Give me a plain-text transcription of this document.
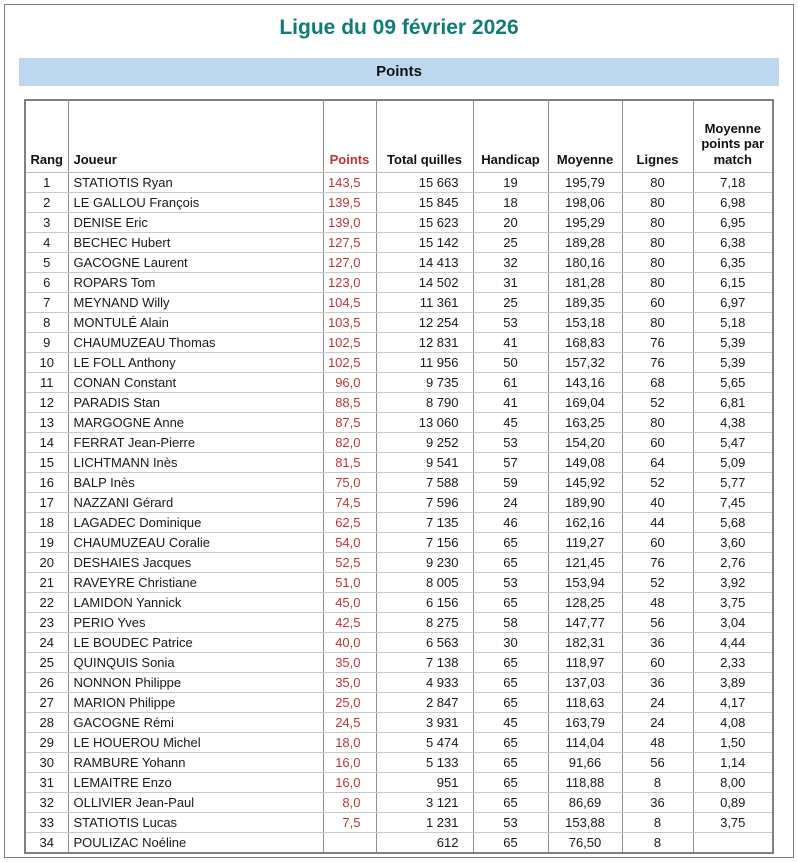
Ligue du 09 février 2026
Points
Rang	Joueur	Points	Total quilles	Handicap	Moyenne	Lignes	Moyenne points par match
1	STATIOTIS Ryan	143,5	15 663	19	195,79	80	7,18
2	LE GALLOU François	139,5	15 845	18	198,06	80	6,98
3	DENISE Eric	139,0	15 623	20	195,29	80	6,95
4	BECHEC Hubert	127,5	15 142	25	189,28	80	6,38
5	GACOGNE Laurent	127,0	14 413	32	180,16	80	6,35
6	ROPARS Tom	123,0	14 502	31	181,28	80	6,15
7	MEYNAND Willy	104,5	11 361	25	189,35	60	6,97
8	MONTULÉ Alain	103,5	12 254	53	153,18	80	5,18
9	CHAUMUZEAU Thomas	102,5	12 831	41	168,83	76	5,39
10	LE FOLL Anthony	102,5	11 956	50	157,32	76	5,39
11	CONAN Constant	96,0	9 735	61	143,16	68	5,65
12	PARADIS Stan	88,5	8 790	41	169,04	52	6,81
13	MARGOGNE Anne	87,5	13 060	45	163,25	80	4,38
14	FERRAT Jean-Pierre	82,0	9 252	53	154,20	60	5,47
15	LICHTMANN Inès	81,5	9 541	57	149,08	64	5,09
16	BALP Inès	75,0	7 588	59	145,92	52	5,77
17	NAZZANI Gérard	74,5	7 596	24	189,90	40	7,45
18	LAGADEC Dominique	62,5	7 135	46	162,16	44	5,68
19	CHAUMUZEAU Coralie	54,0	7 156	65	119,27	60	3,60
20	DESHAIES Jacques	52,5	9 230	65	121,45	76	2,76
21	RAVEYRE Christiane	51,0	8 005	53	153,94	52	3,92
22	LAMIDON Yannick	45,0	6 156	65	128,25	48	3,75
23	PERIO Yves	42,5	8 275	58	147,77	56	3,04
24	LE BOUDEC Patrice	40,0	6 563	30	182,31	36	4,44
25	QUINQUIS Sonia	35,0	7 138	65	118,97	60	2,33
26	NONNON Philippe	35,0	4 933	65	137,03	36	3,89
27	MARION Philippe	25,0	2 847	65	118,63	24	4,17
28	GACOGNE Rémi	24,5	3 931	45	163,79	24	4,08
29	LE HOUEROU Michel	18,0	5 474	65	114,04	48	1,50
30	RAMBURE Yohann	16,0	5 133	65	91,66	56	1,14
31	LEMAITRE Enzo	16,0	951	65	118,88	8	8,00
32	OLLIVIER Jean-Paul	8,0	3 121	65	86,69	36	0,89
33	STATIOTIS Lucas	7,5	1 231	53	153,88	8	3,75
34	POULIZAC Noéline		612	65	76,50	8	
